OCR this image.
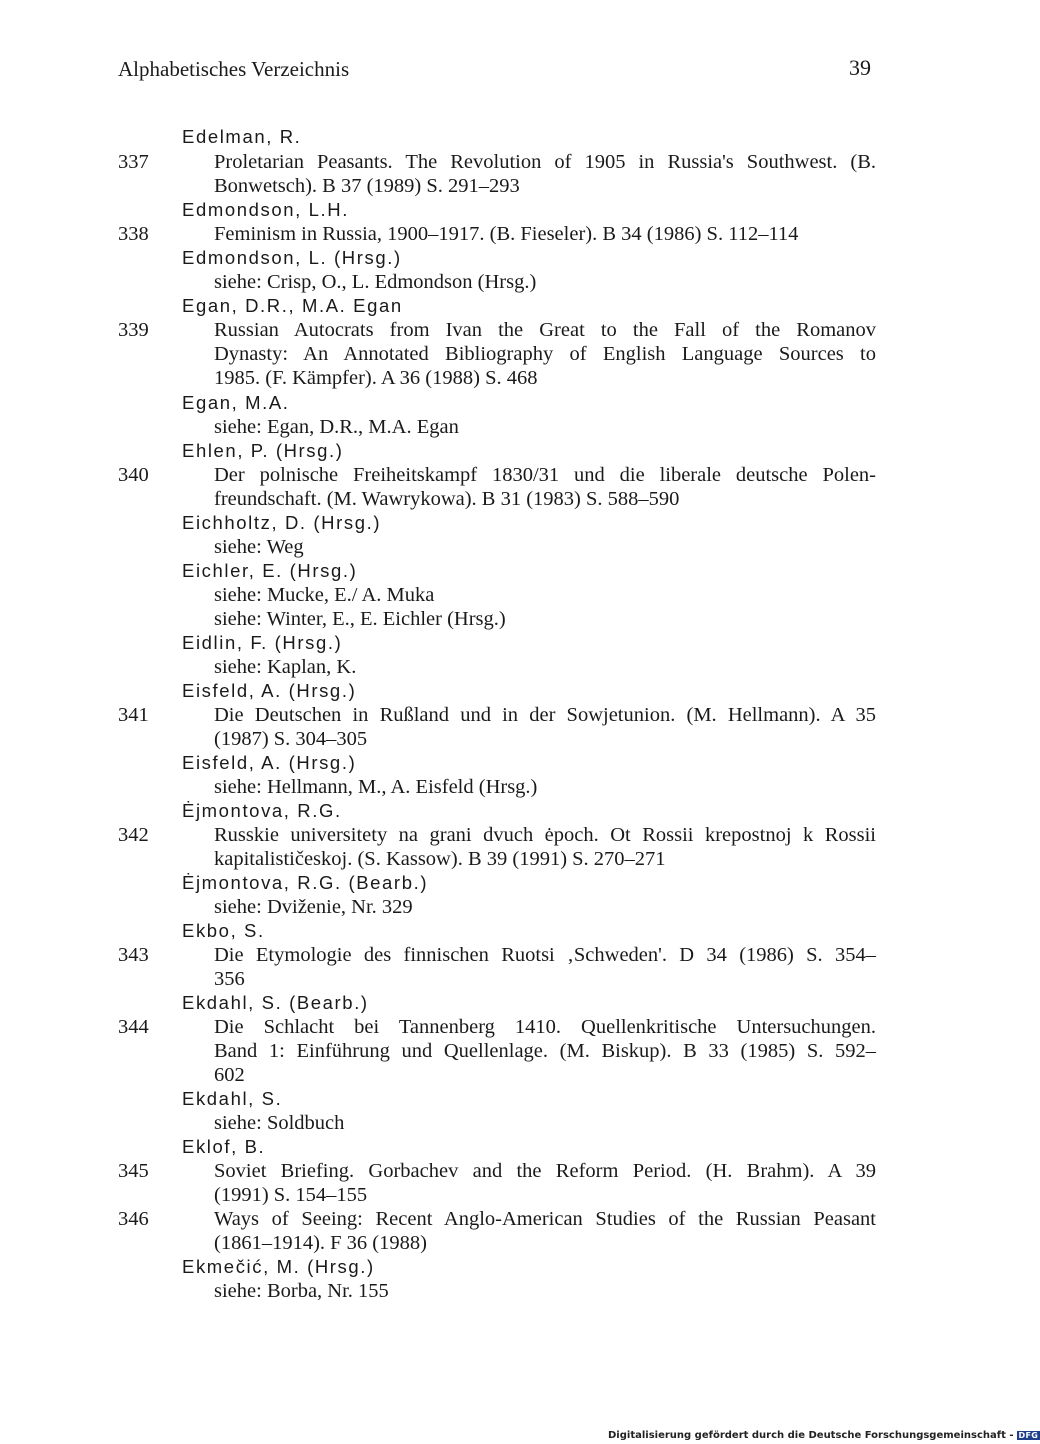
Alphabetisches Verzeichnis	39
Edelman, R.
337	Proletarian Peasants. The Revolution of 1905 in Russia's Southwest. (B.
Bonwetsch). B 37 (1989) S. 291–293
Edmondson, L.H.
338	Feminism in Russia, 1900–1917. (B. Fieseler). B 34 (1986) S. 112–114
Edmondson, L. (Hrsg.)
siehe: Crisp, O., L. Edmondson (Hrsg.)
Egan, D.R., M.A. Egan
339	Russian Autocrats from Ivan the Great to the Fall of the Romanov
Dynasty: An Annotated Bibliography of English Language Sources to
1985. (F. Kämpfer). A 36 (1988) S. 468
Egan, M.A.
siehe: Egan, D.R., M.A. Egan
Ehlen, P. (Hrsg.)
340	Der polnische Freiheitskampf 1830/31 und die liberale deutsche Polen-
freundschaft. (M. Wawrykowa). B 31 (1983) S. 588–590
Eichholtz, D. (Hrsg.)
siehe: Weg
Eichler, E. (Hrsg.)
siehe: Mucke, E./ A. Muka
siehe: Winter, E., E. Eichler (Hrsg.)
Eidlin, F. (Hrsg.)
siehe: Kaplan, K.
Eisfeld, A. (Hrsg.)
341	Die Deutschen in Rußland und in der Sowjetunion. (M. Hellmann). A 35
(1987) S. 304–305
Eisfeld, A. (Hrsg.)
siehe: Hellmann, M., A. Eisfeld (Hrsg.)
Ėjmontova, R.G.
342	Russkie universitety na grani dvuch ėpoch. Ot Rossii krepostnoj k Rossii
kapitalističeskoj. (S. Kassow). B 39 (1991) S. 270–271
Ėjmontova, R.G. (Bearb.)
siehe: Dviženie, Nr. 329
Ekbo, S.
343	Die Etymologie des finnischen Ruotsi ‚Schweden'. D 34 (1986) S. 354–
356
Ekdahl, S. (Bearb.)
344	Die Schlacht bei Tannenberg 1410. Quellenkritische Untersuchungen.
Band 1: Einführung und Quellenlage. (M. Biskup). B 33 (1985) S. 592–
602
Ekdahl, S.
siehe: Soldbuch
Eklof, B.
345	Soviet Briefing. Gorbachev and the Reform Period. (H. Brahm). A 39
(1991) S. 154–155
346	Ways of Seeing: Recent Anglo-American Studies of the Russian Peasant
(1861–1914). F 36 (1988)
Ekmečić, M. (Hrsg.)
siehe: Borba, Nr. 155
Digitalisierung gefördert durch die Deutsche Forschungsgemeinschaft - DFG
